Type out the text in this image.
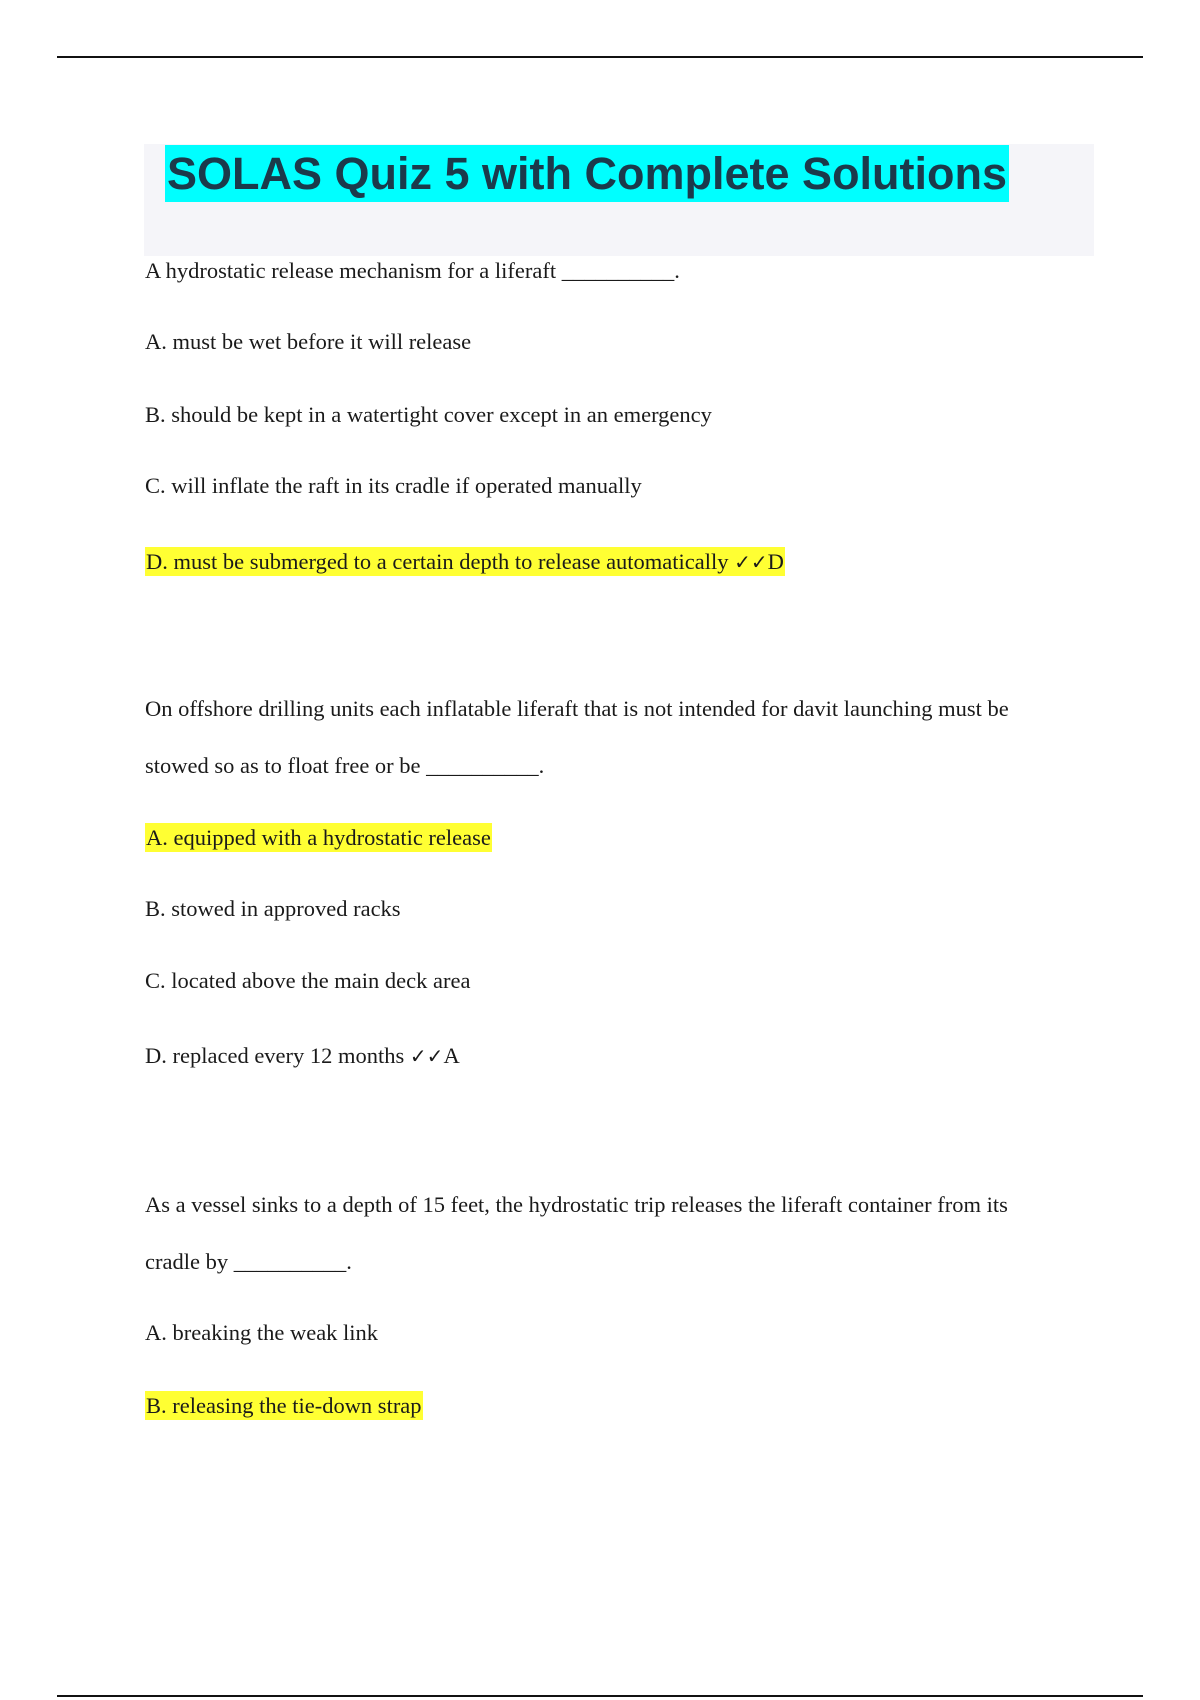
SOLAS Quiz 5 with Complete Solutions
A hydrostatic release mechanism for a liferaft __________.
A. must be wet before it will release
B. should be kept in a watertight cover except in an emergency
C. will inflate the raft in its cradle if operated manually
D. must be submerged to a certain depth to release automatically ✓✓D
On offshore drilling units each inflatable liferaft that is not intended for davit launching must be
stowed so as to float free or be __________.
A. equipped with a hydrostatic release
B. stowed in approved racks
C. located above the main deck area
D. replaced every 12 months ✓✓A
As a vessel sinks to a depth of 15 feet, the hydrostatic trip releases the liferaft container from its
cradle by __________.
A. breaking the weak link
B. releasing the tie-down strap
